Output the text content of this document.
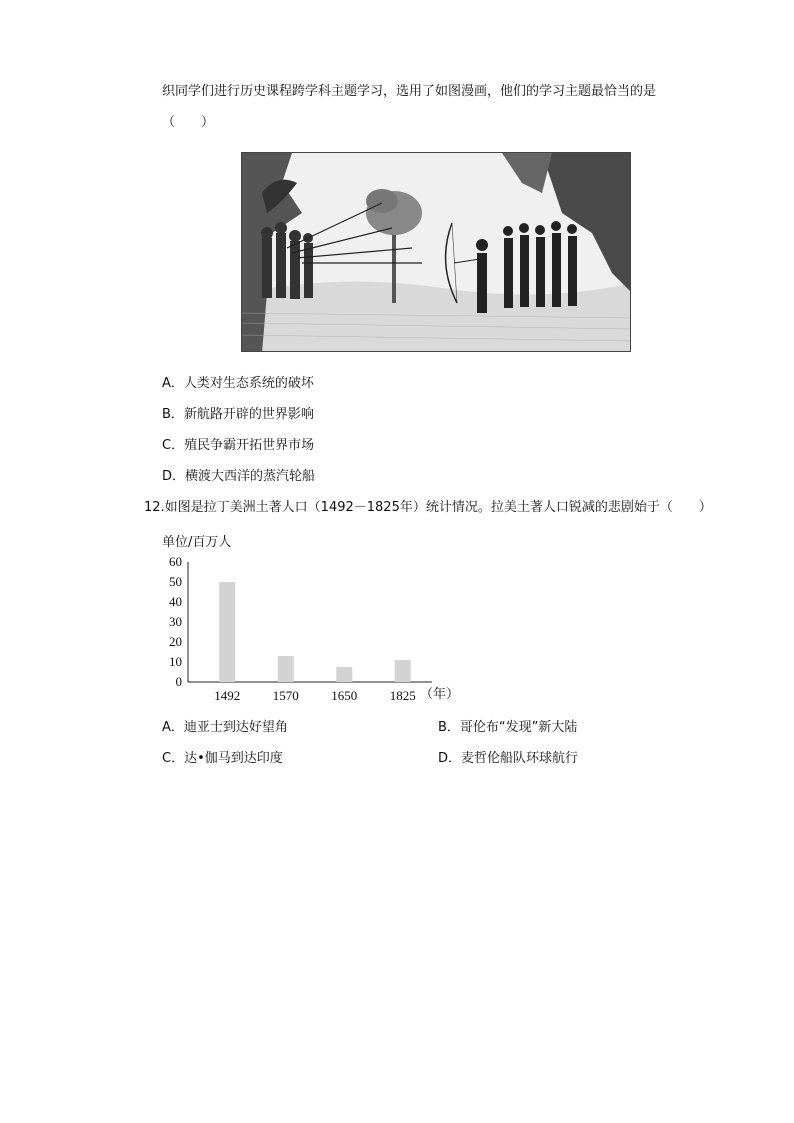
织同学们进行历史课程跨学科主题学习，选用了如图漫画，他们的学习主题最恰当的是
（　　）
A．人类对生态系统的破坏
B．新航路开辟的世界影响
C．殖民争霸开拓世界市场
D．横渡大西洋的蒸汽轮船
12.如图是拉丁美洲土著人口（1492－1825年）统计情况。拉美土著人口锐减的悲剧始于（　　）
单位/百万人
0
10
20
30
40
50
60
1492	1570	1650	1825 （年）
A．迪亚士到达好望角	B．哥伦布“发现”新大陆
C．达•伽马到达印度	D．麦哲伦船队环球航行
